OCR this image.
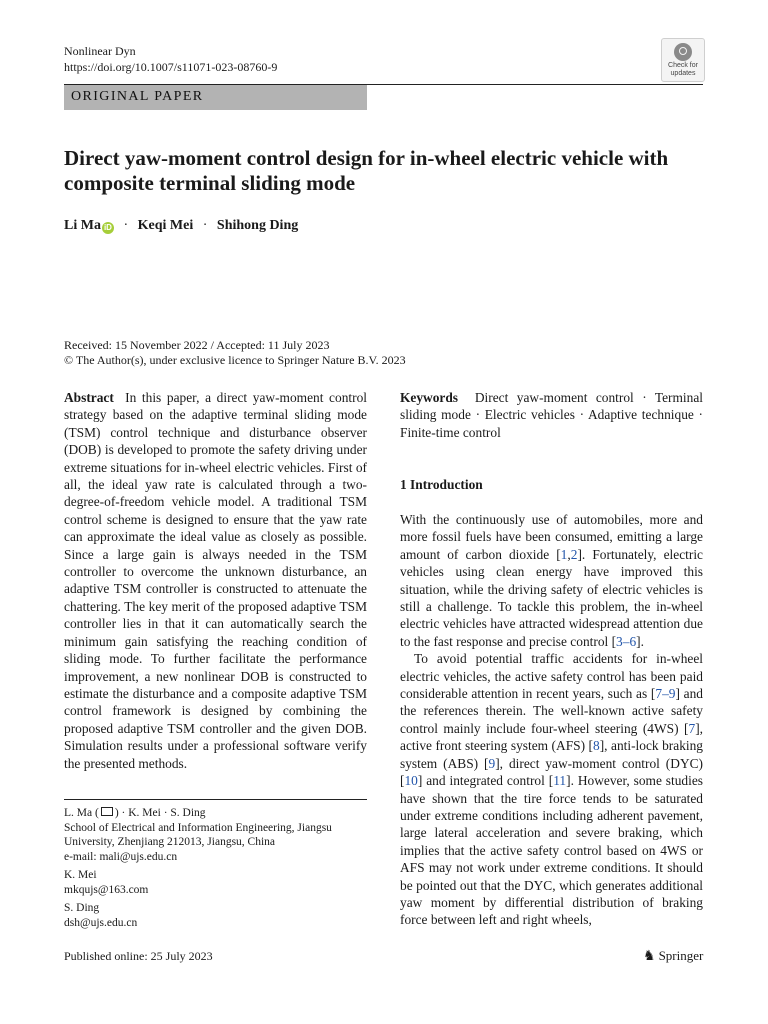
Nonlinear Dyn
https://doi.org/10.1007/s11071-023-08760-9	Check for
updates
ORIGINAL PAPER
Direct yaw-moment control design for in-wheel electric vehicle with composite terminal sliding mode
Li Ma iD · Keqi Mei · Shihong Ding
Received: 15 November 2022 / Accepted: 11 July 2023
© The Author(s), under exclusive licence to Springer Nature B.V. 2023

Abstract In this paper, a direct yaw-moment control strategy based on the adaptive terminal sliding mode (TSM) control technique and disturbance observer (DOB) is developed to promote the safety driving under extreme situations for in-wheel electric vehicles. First of all, the ideal yaw rate is calculated through a two-degree-of-freedom vehicle model. A traditional TSM control scheme is designed to ensure that the yaw rate can approximate the ideal value as closely as possible. Since a large gain is always needed in the TSM controller to overcome the unknown disturbance, an adaptive TSM controller is constructed to attenuate the chattering. The key merit of the proposed adaptive TSM controller lies in that it can automatically search the minimum gain satisfying the reaching condition of sliding mode. To further facilitate the performance improvement, a new nonlinear DOB is constructed to estimate the disturbance and a composite adaptive TSM control framework is designed by combining the proposed adaptive TSM controller and the given DOB. Simulation results under a professional software verify the presented methods.

L. Ma ( ) · K. Mei · S. Ding

School of Electrical and Information Engineering, Jiangsu University, Zhenjiang 212013, Jiangsu, China

e-mail: mali@ujs.edu.cn

K. Mei

mkqujs@163.com

S. Ding

dsh@ujs.edu.cn

Keywords Direct yaw-moment control · Terminal sliding mode · Electric vehicles · Adaptive technique · Finite-time control

1 Introduction

With the continuously use of automobiles, more and more fossil fuels have been consumed, emitting a large amount of carbon dioxide [1,2]. Fortunately, electric vehicles using clean energy have improved this situation, while the driving safety of electric vehicles is still a challenge. To tackle this problem, the in-wheel electric vehicles have attracted widespread attention due to the fast response and precise control [3–6].

To avoid potential traffic accidents for in-wheel electric vehicles, the active safety control has been paid considerable attention in recent years, such as [7–9] and the references therein. The well-known active safety control mainly include four-wheel steering (4WS) [7], active front steering system (AFS) [8], anti-lock braking system (ABS) [9], direct yaw-moment control (DYC) [10] and integrated control [11]. However, some studies have shown that the tire force tends to be saturated under extreme conditions including adherent pavement, large lateral acceleration and severe braking, which implies that the active safety control based on 4WS or AFS may not work under extreme conditions. It should be pointed out that the DYC, which generates additional yaw moment by differential distribution of braking force between left and right wheels,

Published online: 25 July 2023	♞ Springer
